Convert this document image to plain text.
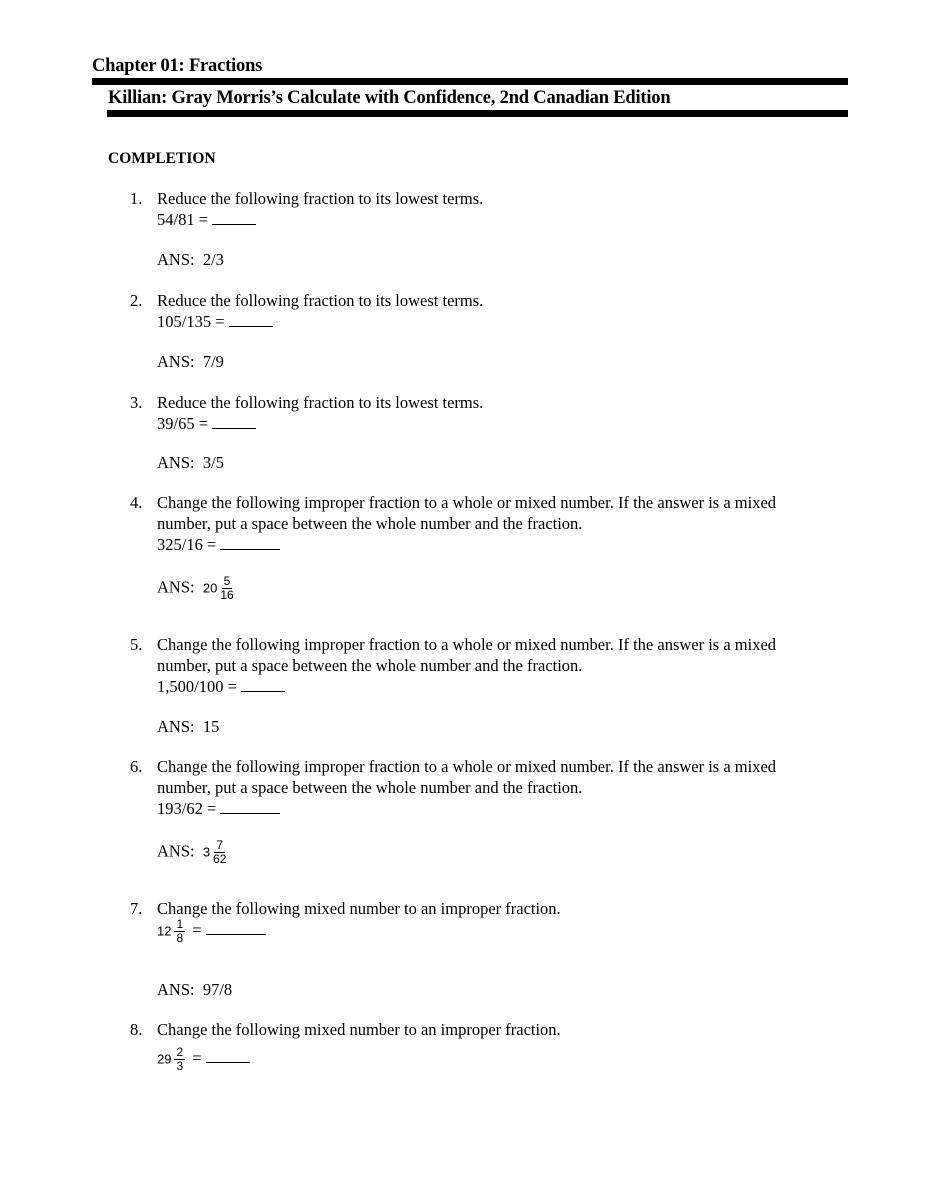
Chapter 01: Fractions
Killian: Gray Morris’s Calculate with Confidence, 2nd Canadian Edition
COMPLETION
1. Reduce the following fraction to its lowest terms.
54/81 =
ANS: 2/3
2. Reduce the following fraction to its lowest terms.
105/135 =
ANS: 7/9
3. Reduce the following fraction to its lowest terms.
39/65 =
ANS: 3/5
4. Change the following improper fraction to a whole or mixed number. If the answer is a mixed
number, put a space between the whole number and the fraction.
325/16 =
ANS: $20 \frac{5}{16}$
5. Change the following improper fraction to a whole or mixed number. If the answer is a mixed
number, put a space between the whole number and the fraction.
1,500/100 =
ANS: 15
6. Change the following improper fraction to a whole or mixed number. If the answer is a mixed
number, put a space between the whole number and the fraction.
193/62 =
ANS: $3 \frac{7}{62}$
7. Change the following mixed number to an improper fraction.
$12 \frac{1}{8}$ =
ANS: 97/8
8. Change the following mixed number to an improper fraction.
$29 \frac{2}{3}$ =
